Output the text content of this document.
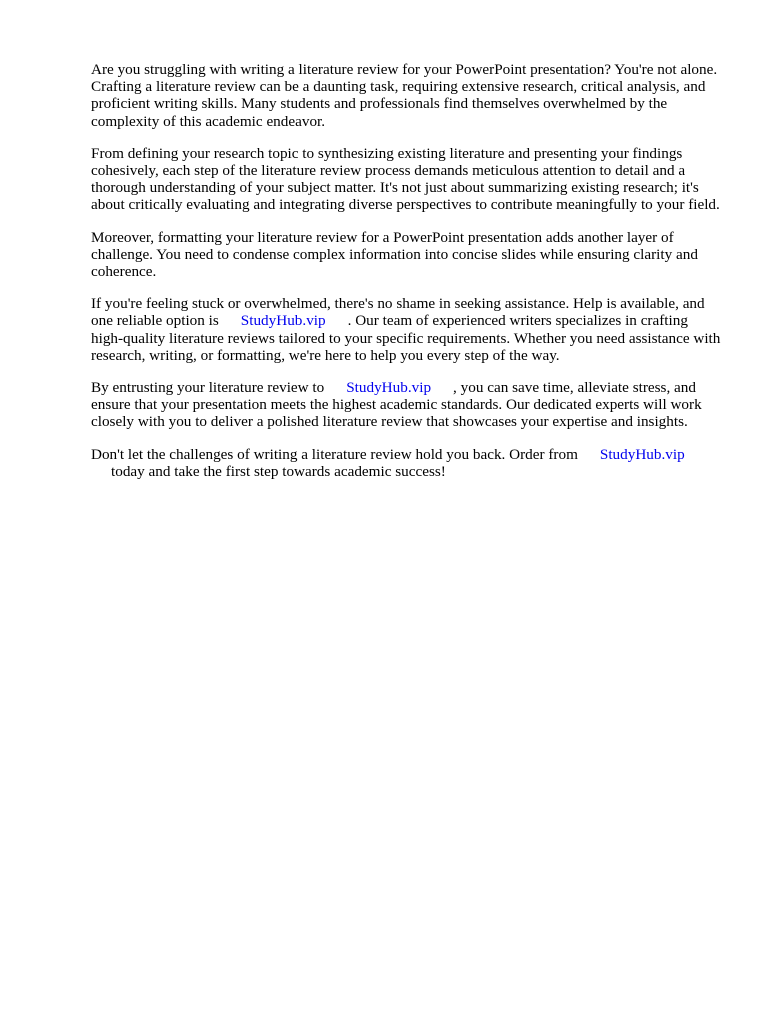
Are you struggling with writing a literature review for your PowerPoint presentation? You're not alone. Crafting a literature review can be a daunting task, requiring extensive research, critical analysis, and proficient writing skills. Many students and professionals find themselves overwhelmed by the complexity of this academic endeavor.

From defining your research topic to synthesizing existing literature and presenting your findings cohesively, each step of the literature review process demands meticulous attention to detail and a thorough understanding of your subject matter. It's not just about summarizing existing research; it's about critically evaluating and integrating diverse perspectives to contribute meaningfully to your field.

Moreover, formatting your literature review for a PowerPoint presentation adds another layer of challenge. You need to condense complex information into concise slides while ensuring clarity and coherence.

If you're feeling stuck or overwhelmed, there's no shame in seeking assistance. Help is available, and one reliable option is StudyHub.vip . Our team of experienced writers specializes in crafting high-quality literature reviews tailored to your specific requirements. Whether you need assistance with research, writing, or formatting, we're here to help you every step of the way.

By entrusting your literature review to StudyHub.vip , you can save time, alleviate stress, and ensure that your presentation meets the highest academic standards. Our dedicated experts will work closely with you to deliver a polished literature review that showcases your expertise and insights.

Don't let the challenges of writing a literature review hold you back. Order from StudyHub.vip
today and take the first step towards academic success!
